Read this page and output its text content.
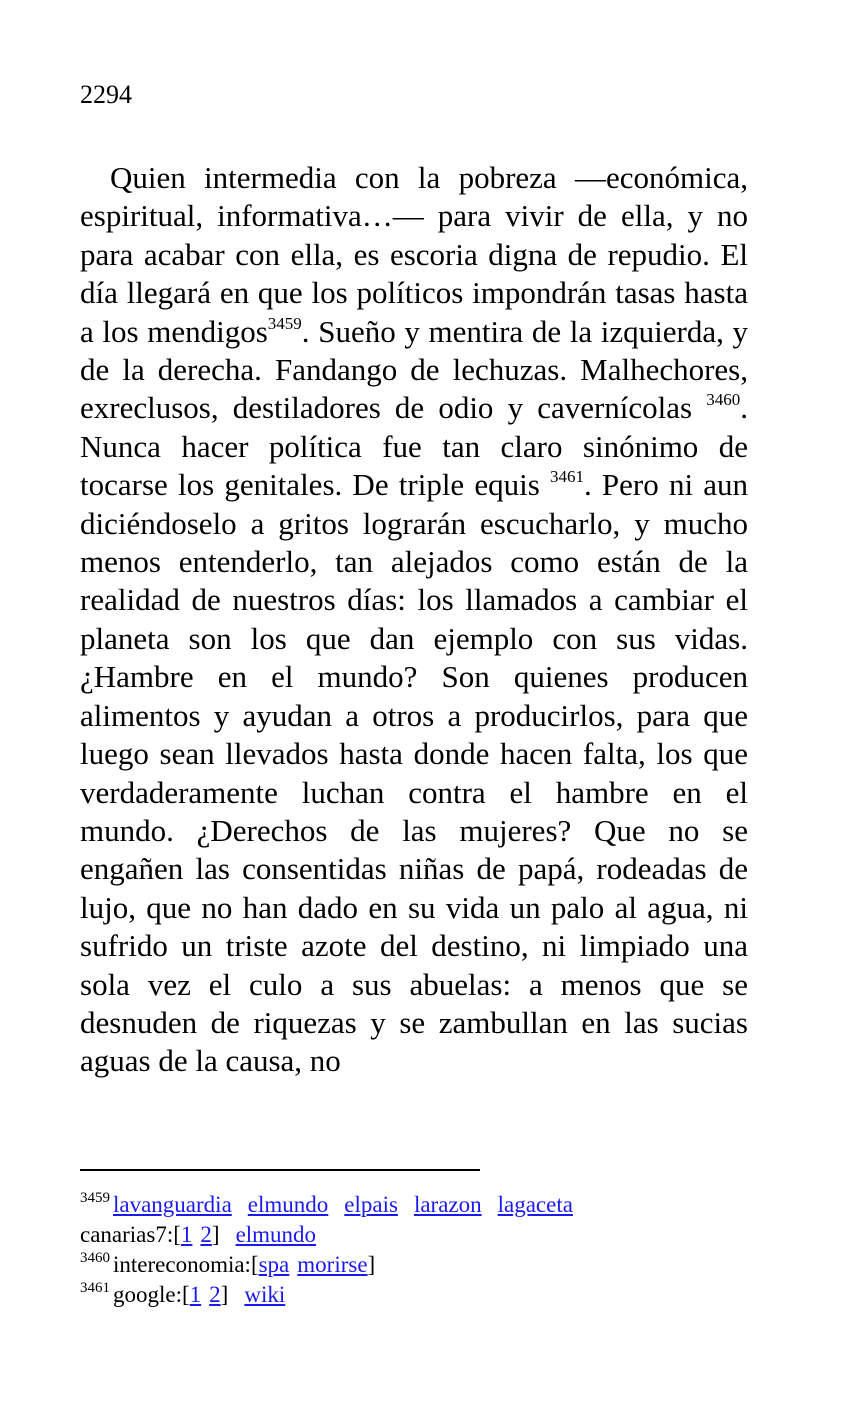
2294

Quien intermedia con la pobreza —económica, espiritual, informativa…— para vivir de ella, y no para acabar con ella, es escoria digna de repudio. El día llegará en que los políticos impondrán tasas hasta a los mendigos$^{3459}$. Sueño y mentira de la izquierda, y de la derecha. Fandango de lechuzas. Malhechores, exreclusos, destiladores de odio y cavernícolas $^{3460}$. Nunca hacer política fue tan claro sinónimo de tocarse los genitales. De triple equis $^{3461}$. Pero ni aun diciéndoselo a gritos lograrán escucharlo, y mucho menos entenderlo, tan alejados como están de la realidad de nuestros días: los llamados a cambiar el planeta son los que dan ejemplo con sus vidas. ¿Hambre en el mundo? Son quienes producen alimentos y ayudan a otros a producirlos, para que luego sean llevados hasta donde hacen falta, los que verdaderamente luchan contra el hambre en el mundo. ¿Derechos de las mujeres? Que no se engañen las consentidas niñas de papá, rodeadas de lujo, que no han dado en su vida un palo al agua, ni sufrido un triste azote del destino, ni limpiado una sola vez el culo a sus abuelas: a menos que se desnuden de riquezas y se zambullan en las sucias aguas de la causa, no

$^{3459}$ lavanguardia elmundo elpais larazon lagaceta
canarias7:[1 2] elmundo
$^{3460}$ intereconomia:[spa morirse]
$^{3461}$ google:[1 2] wiki
